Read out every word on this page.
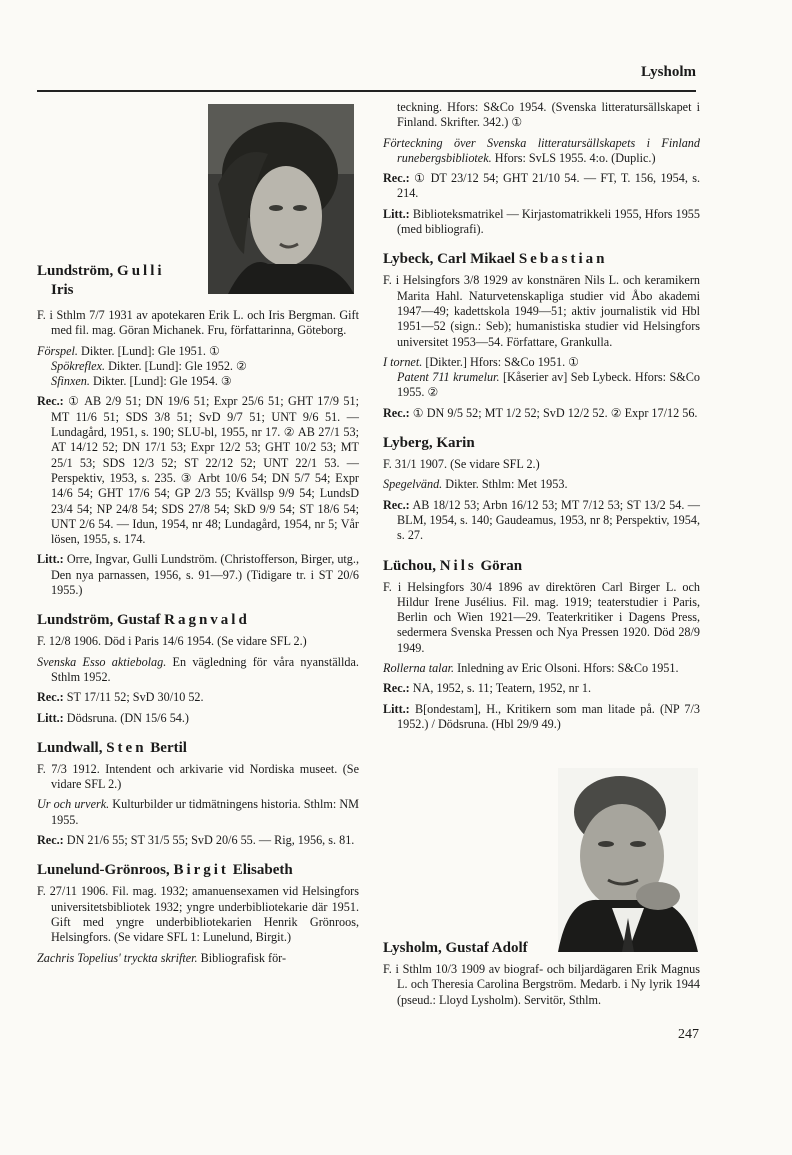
Lysholm
Lundström, Gulli
Iris

F. i Sthlm 7/7 1931 av apotekaren Erik L. och Iris Bergman. Gift med fil. mag. Göran Michanek. Fru, författarinna, Göteborg.

Förspel. Dikter. [Lund]: Gle 1951. ①
Spökreflex. Dikter. [Lund]: Gle 1952. ②
Sfinxen. Dikter. [Lund]: Gle 1954. ③

Rec.: ① AB 2/9 51; DN 19/6 51; Expr 25/6 51; GHT 17/9 51; MT 11/6 51; SDS 3/8 51; SvD 9/7 51; UNT 9/6 51. — Lundagård, 1951, s. 190; SLU-bl, 1955, nr 17. ② AB 27/1 53; AT 14/12 52; DN 17/1 53; Expr 12/2 53; GHT 10/2 53; MT 25/1 53; SDS 12/3 52; ST 22/12 52; UNT 22/1 53. — Perspektiv, 1953, s. 235. ③ Arbt 10/6 54; DN 5/7 54; Expr 14/6 54; GHT 17/6 54; GP 2/3 55; Kvällsp 9/9 54; LundsD 23/4 54; NP 24/8 54; SDS 27/8 54; SkD 9/9 54; ST 18/6 54; UNT 2/6 54. — Idun, 1954, nr 48; Lundagård, 1954, nr 5; Vår lösen, 1955, s. 174.

Litt.: Orre, Ingvar, Gulli Lundström. (Christofferson, Birger, utg., Den nya parnassen, 1956, s. 91—97.) (Tidigare tr. i ST 20/6 1955.)

Lundström, Gustaf Ragnvald

F. 12/8 1906. Död i Paris 14/6 1954. (Se vidare SFL 2.)

Svenska Esso aktiebolag. En vägledning för våra nyanställda. Sthlm 1952.

Rec.: ST 17/11 52; SvD 30/10 52.

Litt.: Dödsruna. (DN 15/6 54.)

Lundwall, Sten Bertil

F. 7/3 1912. Intendent och arkivarie vid Nordiska museet. (Se vidare SFL 2.)

Ur och urverk. Kulturbilder ur tidmätningens historia. Sthlm: NM 1955.

Rec.: DN 21/6 55; ST 31/5 55; SvD 20/6 55. — Rig, 1956, s. 81.

Lunelund-Grönroos, Birgit Elisabeth

F. 27/11 1906. Fil. mag. 1932; amanuensexamen vid Helsingfors universitetsbibliotek 1932; yngre underbibliotekarie där 1951. Gift med yngre underbibliotekarien Henrik Grönroos, Helsingfors. (Se vidare SFL 1: Lunelund, Birgit.)

Zachris Topelius' tryckta skrifter. Bibliografisk för-

teckning. Hfors: S&Co 1954. (Svenska litteratursällskapet i Finland. Skrifter. 342.) ①

Förteckning över Svenska litteratursällskapets i Finland runebergsbibliotek. Hfors: SvLS 1955. 4:o. (Duplic.)

Rec.: ① DT 23/12 54; GHT 21/10 54. — FT, T. 156, 1954, s. 214.

Litt.: Biblioteksmatrikel — Kirjastomatrikkeli 1955, Hfors 1955 (med bibliografi).

Lybeck, Carl Mikael Sebastian

F. i Helsingfors 3/8 1929 av konstnären Nils L. och keramikern Marita Hahl. Naturvetenskapliga studier vid Åbo akademi 1947—49; kadettskola 1949—51; aktiv journalistik vid Hbl 1951—52 (sign.: Seb); humanistiska studier vid Helsingfors universitet 1953—54. Författare, Grankulla.

I tornet. [Dikter.] Hfors: S&Co 1951. ①
Patent 711 krumelur. [Kåserier av] Seb Lybeck. Hfors: S&Co 1955. ②

Rec.: ① DN 9/5 52; MT 1/2 52; SvD 12/2 52. ② Expr 17/12 56.

Lyberg, Karin

F. 31/1 1907. (Se vidare SFL 2.)

Spegelvänd. Dikter. Sthlm: Met 1953.

Rec.: AB 18/12 53; Arbn 16/12 53; MT 7/12 53; ST 13/2 54. — BLM, 1954, s. 140; Gaudeamus, 1953, nr 8; Perspektiv, 1954, s. 27.

Lüchou, Nils Göran

F. i Helsingfors 30/4 1896 av direktören Carl Birger L. och Hildur Irene Jusélius. Fil. mag. 1919; teaterstudier i Paris, Berlin och Wien 1921—29. Teaterkritiker i Dagens Press, sedermera Svenska Pressen och Nya Pressen 1920. Död 28/9 1949.

Rollerna talar. Inledning av Eric Olsoni. Hfors: S&Co 1951.

Rec.: NA, 1952, s. 11; Teatern, 1952, nr 1.

Litt.: B[ondestam], H., Kritikern som man litade på. (NP 7/3 1952.) / Dödsruna. (Hbl 29/9 49.)

Lysholm, Gustaf Adolf

F. i Sthlm 10/3 1909 av biograf- och biljardägaren Erik Magnus L. och Theresia Carolina Bergström. Medarb. i Ny lyrik 1944 (pseud.: Lloyd Lysholm). Servitör, Sthlm.

247
